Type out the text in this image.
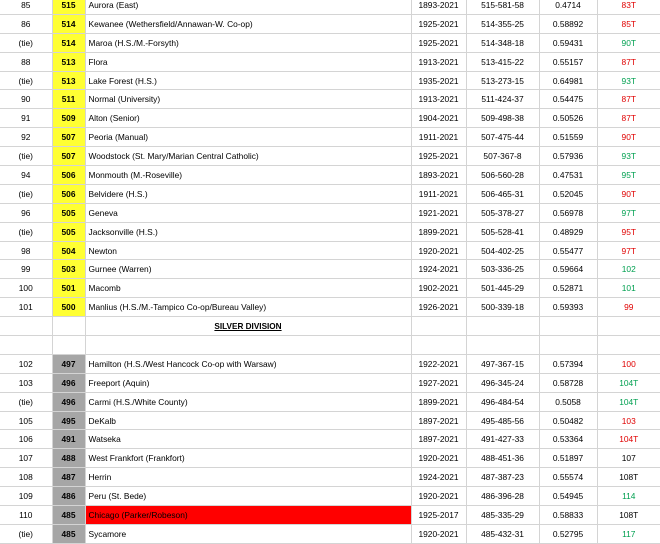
85	515	Aurora (East)	1893-2021	515-581-58	0.4714	83T
86	514	Kewanee (Wethersfield/Annawan-W. Co-op)	1925-2021	514-355-25	0.58892	85T
(tie)	514	Maroa (H.S./M.-Forsyth)	1925-2021	514-348-18	0.59431	90T
88	513	Flora	1913-2021	513-415-22	0.55157	87T
(tie)	513	Lake Forest (H.S.)	1935-2021	513-273-15	0.64981	93T
90	511	Normal (University)	1913-2021	511-424-37	0.54475	87T
91	509	Alton (Senior)	1904-2021	509-498-38	0.50526	87T
92	507	Peoria (Manual)	1911-2021	507-475-44	0.51559	90T
(tie)	507	Woodstock (St. Mary/Marian Central Catholic)	1925-2021	507-367-8	0.57936	93T
94	506	Monmouth (M.-Roseville)	1893-2021	506-560-28	0.47531	95T
(tie)	506	Belvidere (H.S.)	1911-2021	506-465-31	0.52045	90T
96	505	Geneva	1921-2021	505-378-27	0.56978	97T
(tie)	505	Jacksonville (H.S.)	1899-2021	505-528-41	0.48929	95T
98	504	Newton	1920-2021	504-402-25	0.55477	97T
99	503	Gurnee (Warren)	1924-2021	503-336-25	0.59664	102
100	501	Macomb	1902-2021	501-445-29	0.52871	101
101	500	Manlius (H.S./M.-Tampico Co-op/Bureau Valley)	1926-2021	500-339-18	0.59393	99
		SILVER DIVISION				

102	497	Hamilton (H.S./West Hancock Co-op with Warsaw)	1922-2021	497-367-15	0.57394	100
103	496	Freeport (Aquin)	1927-2021	496-345-24	0.58728	104T
(tie)	496	Carmi (H.S./White County)	1899-2021	496-484-54	0.5058	104T
105	495	DeKalb	1897-2021	495-485-56	0.50482	103
106	491	Watseka	1897-2021	491-427-33	0.53364	104T
107	488	West Frankfort (Frankfort)	1920-2021	488-451-36	0.51897	107
108	487	Herrin	1924-2021	487-387-23	0.55574	108T
109	486	Peru (St. Bede)	1920-2021	486-396-28	0.54945	114
110	485	Chicago (Parker/Robeson)	1925-2017	485-335-29	0.58833	108T
(tie)	485	Sycamore	1920-2021	485-432-31	0.52795	117
